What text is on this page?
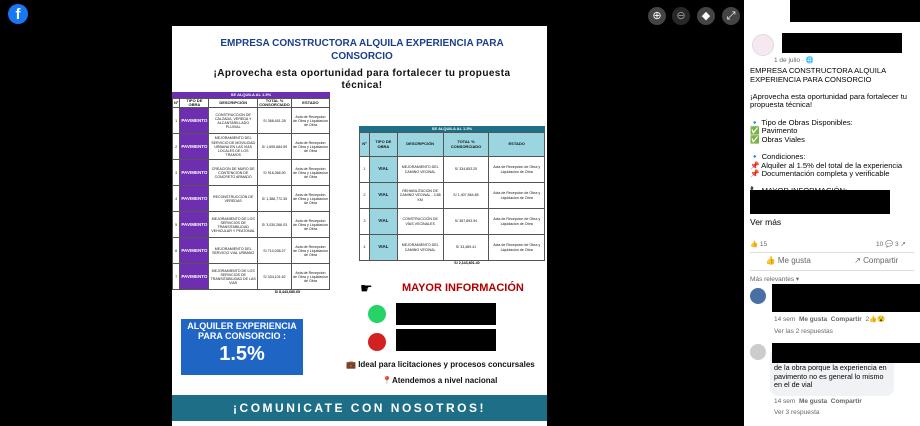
f	⊕	⊖	◆	⤢
EMPRESA CONSTRUCTORA ALQUILA EXPERIENCIA PARA CONSORCIO
¡Aprovecha esta oportunidad para fortalecer tu propuesta técnica!
SE ALQUILA AL 1.5%
Nº	TIPO DE OBRA	DESCRIPCIÓN	TOTAL % CONSORCIADO	ESTADO
1	PAVIMENTO	CONSTRUCCION DE CALZADA, VEREDA Y ALCANTARILLADO PLUVIAL	S/ 368,451.28	Acta de Recepcion de Obra y Liquidacion de Obra
2	PAVIMENTO	MEJORAMIENTO DEL SERVICIO DE MOVILIDAD URBANA EN LAS VIAS LOCALES DE LOS TRAMOS	S/ 1,695,684.59	Acta de Recepcion de Obra y Liquidacion de Obra
3	PAVIMENTO	CREACION DE MURO DE CONTENCION DE CONCRETO ARMADO	S/ 916,366.90	Acta de Recepcion de Obra y Liquidacion de Obra
4	PAVIMENTO	RECONSTRUCCIÓN DE VEREDAS	S/ 1,388,772.35	Acta de Recepcion de Obra y Liquidacion de Obra
5	PAVIMENTO	MEJORAMIENTO DE LOS SERVICIOS DE TRANSITABILIDAD VEHICULAR Y PEATONAL	S/ 3,030,266.03	Acta de Recepcion de Obra y Liquidacion de Obra
6	PAVIMENTO	MEJORAMIENTO DEL SERVICIO VIAL URBANO	S/ 710,038.27	Acta de Recepcion de Obra y Liquidacion de Obra
7	PAVIMENTO	MEJORAMIENTO DE LOS SERVICIOS DE TRANSITABILIDAD DE LAS VIAS	S/ 334,101.62	Acta de Recepcion de Obra y Liquidacion de Obra
S/ 8,443,680.65
SE ALQUILA AL 1.5%
Nº	TIPO DE OBRA	DESCRIPCIÓN	TOTAL % CONSORCIADO	ESTADO
1	VIAL	MEJORAMIENTO DEL CAMINO VECINAL	S/ 334,853.20	Acta de Recepcion de Obra y Liquidacion de Obra
2	VIAL	REHABILITACION DE CAMINO VECINAL - 3.88 KM	S/ 1,407,564.85	Acta de Recepcion de Obra y Liquidacion de Obra
3	VIAL	CONSTRUCCIÓN DE VÍAS VECINALES	S/ 367,893.94	Acta de Recepcion de Obra y Liquidacion de Obra
4	VIAL	MEJORAMIENTO DEL CAMINO VECINAL	S/ 33,489.41	Acta de Recepcion de Obra y Liquidacion de Obra
S/ 2,143,801.40
ALQUILER EXPERIENCIA PARA CONSORCIO :
1.5%	💼 Ideal para licitaciones y procesos concursales
📍Atendemos a nivel nacional
¡COMUNICATE CON NOSOTROS!
☛	MAYOR INFORMACIÓN
1 de julio · 🌐
EMPRESA CONSTRUCTORA ALQUILA
EXPERIENCIA PARA CONSORCIO
¡Aprovecha esta oportunidad para fortalecer tu
propuesta técnica!
🔹 Tipo de Obras Disponibles:
✅ Pavimento
✅ Obras Viales
🔹 Condiciones:
📌 Alquiler al 1.5% del total de la experiencia
📌 Documentación completa y verificable
Ver más
👍 15	10 💬 3 ↗
👍 Me gusta	↗ Compartir
Más relevantes ▾
14 sem Me gusta Compartir 2👍😮
Ver las 2 respuestas
de la obra porque la experiencia en pavimento no es general lo mismo en el de vial
14 sem Me gusta Compartir
Ver 3 respuesta
